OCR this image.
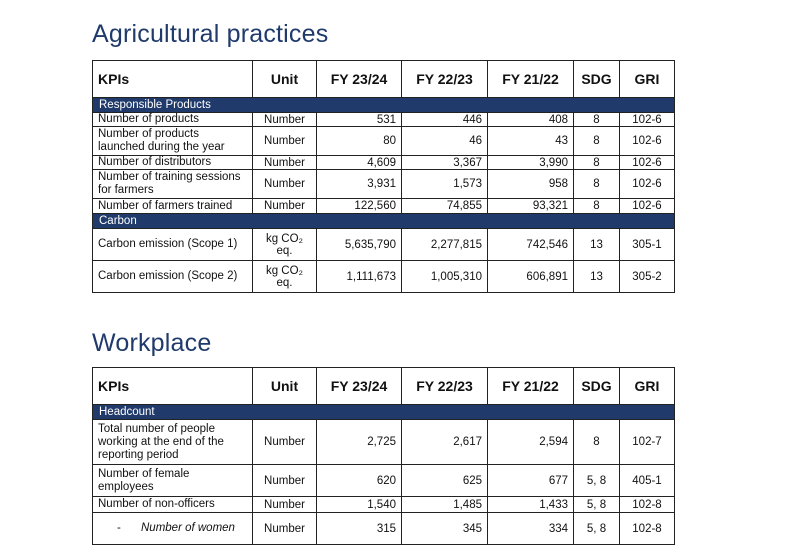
Agricultural practices
KPIs	Unit	FY 23/24	FY 22/23	FY 21/22	SDG	GRI
Responsible Products						
Number of products	Number	531	446	408	8	102-6
Number of products launched during the year	Number	80	46	43	8	102-6
Number of distributors	Number	4,609	3,367	3,990	8	102-6
Number of training sessions for farmers	Number	3,931	1,573	958	8	102-6
Number of farmers trained	Number	122,560	74,855	93,321	8	102-6
Carbon						
Carbon emission (Scope 1)	kg CO₂ eq.	5,635,790	2,277,815	742,546	13	305-1
Carbon emission (Scope 2)	kg CO₂ eq.	1,111,673	1,005,310	606,891	13	305-2
Workplace
KPIs	Unit	FY 23/24	FY 22/23	FY 21/22	SDG	GRI
Headcount						
Total number of people working at the end of the reporting period	Number	2,725	2,617	2,594	8	102-7
Number of female employees	Number	620	625	677	5, 8	405-1
Number of non-officers	Number	1,540	1,485	1,433	5, 8	102-8
- Number of women	Number	315	345	334	5, 8	102-8
